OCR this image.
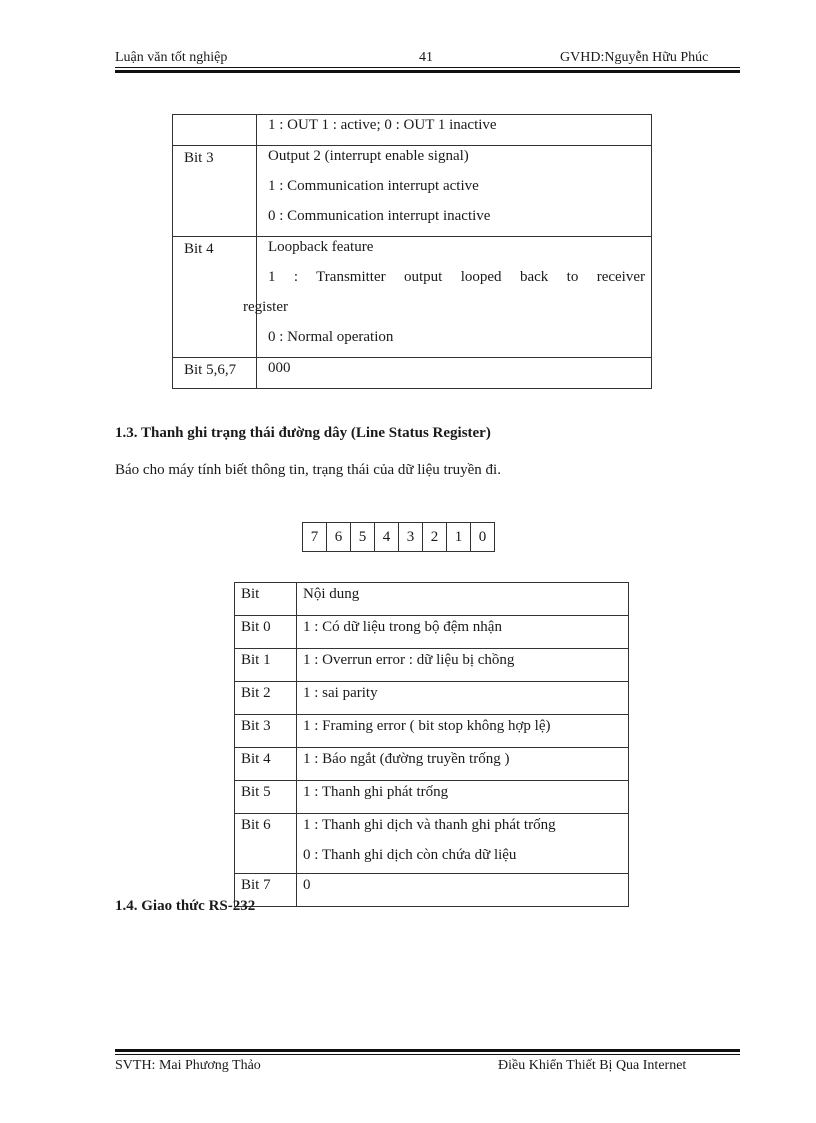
Luận văn tốt nghiệp	41	GVHD:Nguyễn Hữu Phúc

	1 : OUT 1 : active; 0 : OUT 1 inactive

Bit 3	Output 2 (interrupt enable signal)
1 : Communication interrupt active
0 : Communication interrupt inactive

Bit 4	Loopback feature
1 : Transmitter output looped back to receiver
register
0 : Normal operation

Bit 5,6,7	000
1.3. Thanh ghi trạng thái đường dây (Line Status Register)
Báo cho máy tính biết thông tin, trạng thái của dữ liệu truyền đi.
7	6	5	4	3	2	1	0
Bit	Nội dung
Bit 0	1 : Có dữ liệu trong bộ đệm nhận
Bit 1	1 : Overrun error : dữ liệu bị chồng
Bit 2	1 : sai parity
Bit 3	1 : Framing error ( bit stop không hợp lệ)
Bit 4	1 : Báo ngắt (đường truyền trống )
Bit 5	1 : Thanh ghi phát trống
Bit 6	1 : Thanh ghi dịch và thanh ghi phát trống
0 : Thanh ghi dịch còn chứa dữ liệu

Bit 7	0
1.4. Giao thức RS-232
SVTH: Mai Phương Thảo	Điều Khiển Thiết Bị Qua Internet
